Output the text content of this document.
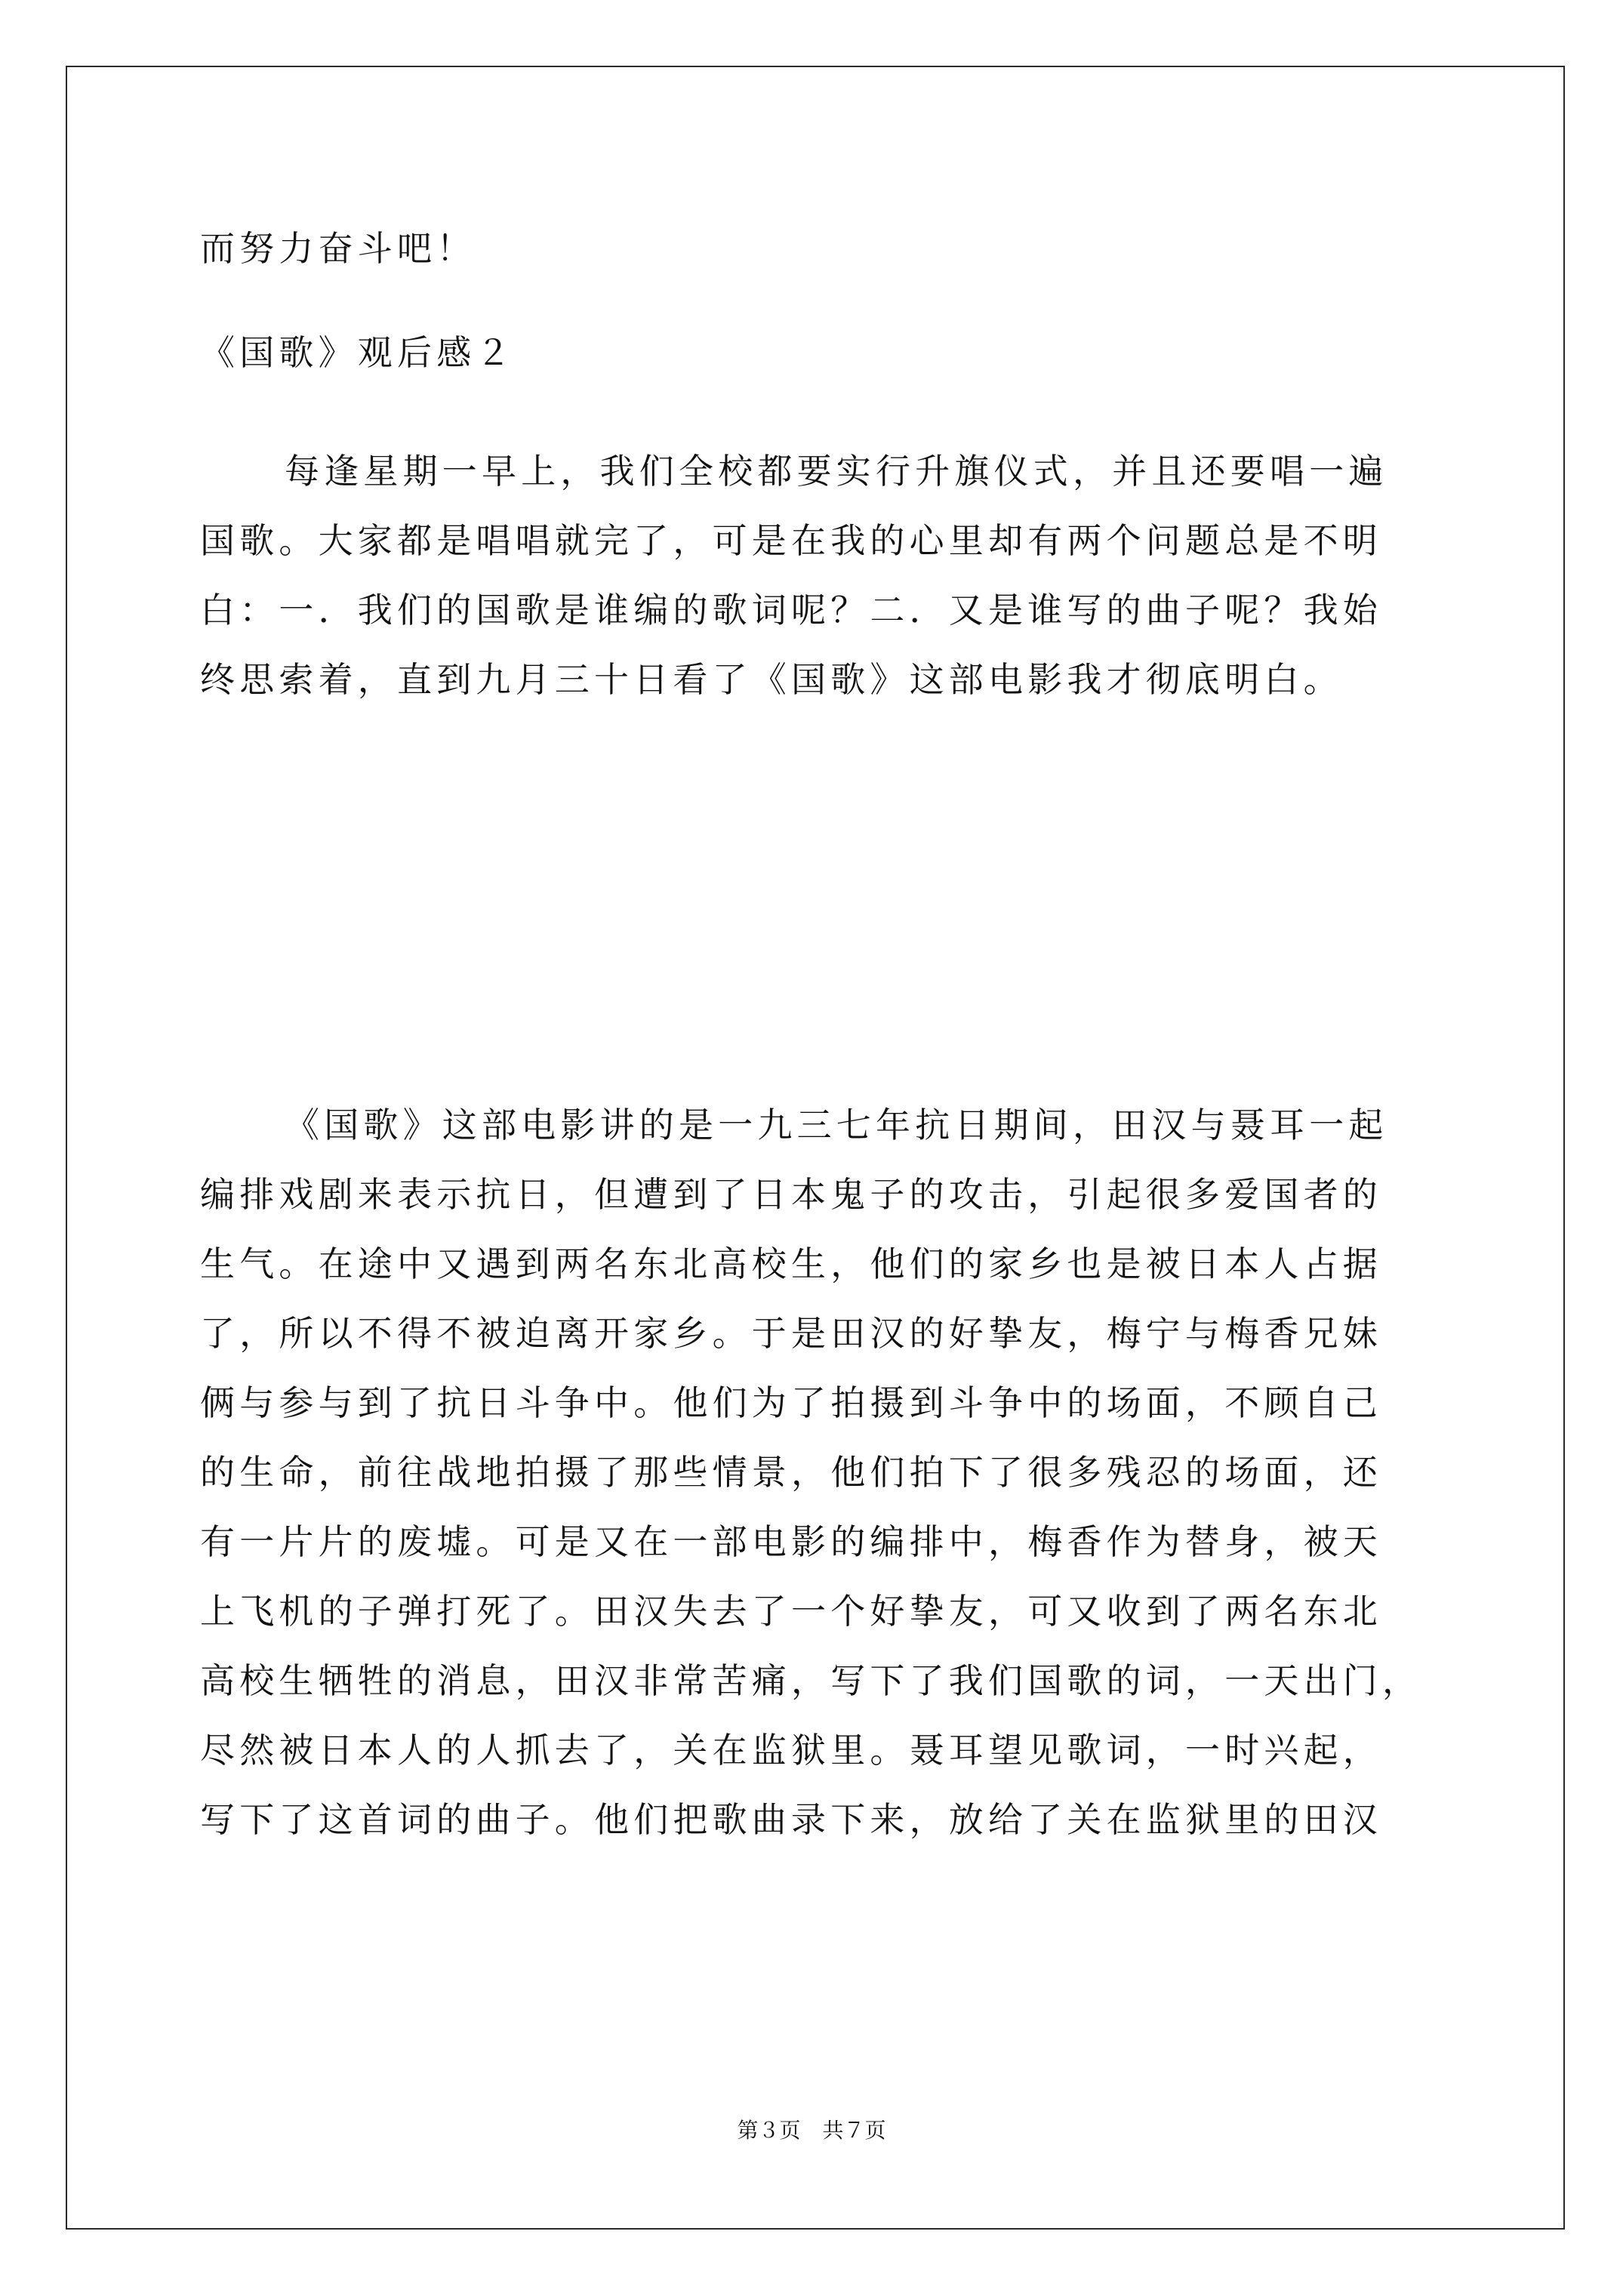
而努力奋斗吧！

《国歌》观后感２

每逢星期一早上，我们全校都要实行升旗仪式，并且还要唱一遍
国歌。大家都是唱唱就完了，可是在我的心里却有两个问题总是不明
白：一．我们的国歌是谁编的歌词呢？二．又是谁写的曲子呢？我始
终思索着，直到九月三十日看了《国歌》这部电影我才彻底明白。
《国歌》这部电影讲的是一九三七年抗日期间，田汉与聂耳一起
编排戏剧来表示抗日，但遭到了日本鬼子的攻击，引起很多爱国者的
生气。在途中又遇到两名东北高校生，他们的家乡也是被日本人占据
了，所以不得不被迫离开家乡。于是田汉的好挚友，梅宁与梅香兄妹
俩与参与到了抗日斗争中。他们为了拍摄到斗争中的场面，不顾自己
的生命，前往战地拍摄了那些情景，他们拍下了很多残忍的场面，还
有一片片的废墟。可是又在一部电影的编排中，梅香作为替身，被天
上飞机的子弹打死了。田汉失去了一个好挚友，可又收到了两名东北
高校生牺牲的消息，田汉非常苦痛，写下了我们国歌的词，一天出门，
尽然被日本人的人抓去了，关在监狱里。聂耳望见歌词，一时兴起，
写下了这首词的曲子。他们把歌曲录下来，放给了关在监狱里的田汉
第３页 共７页
